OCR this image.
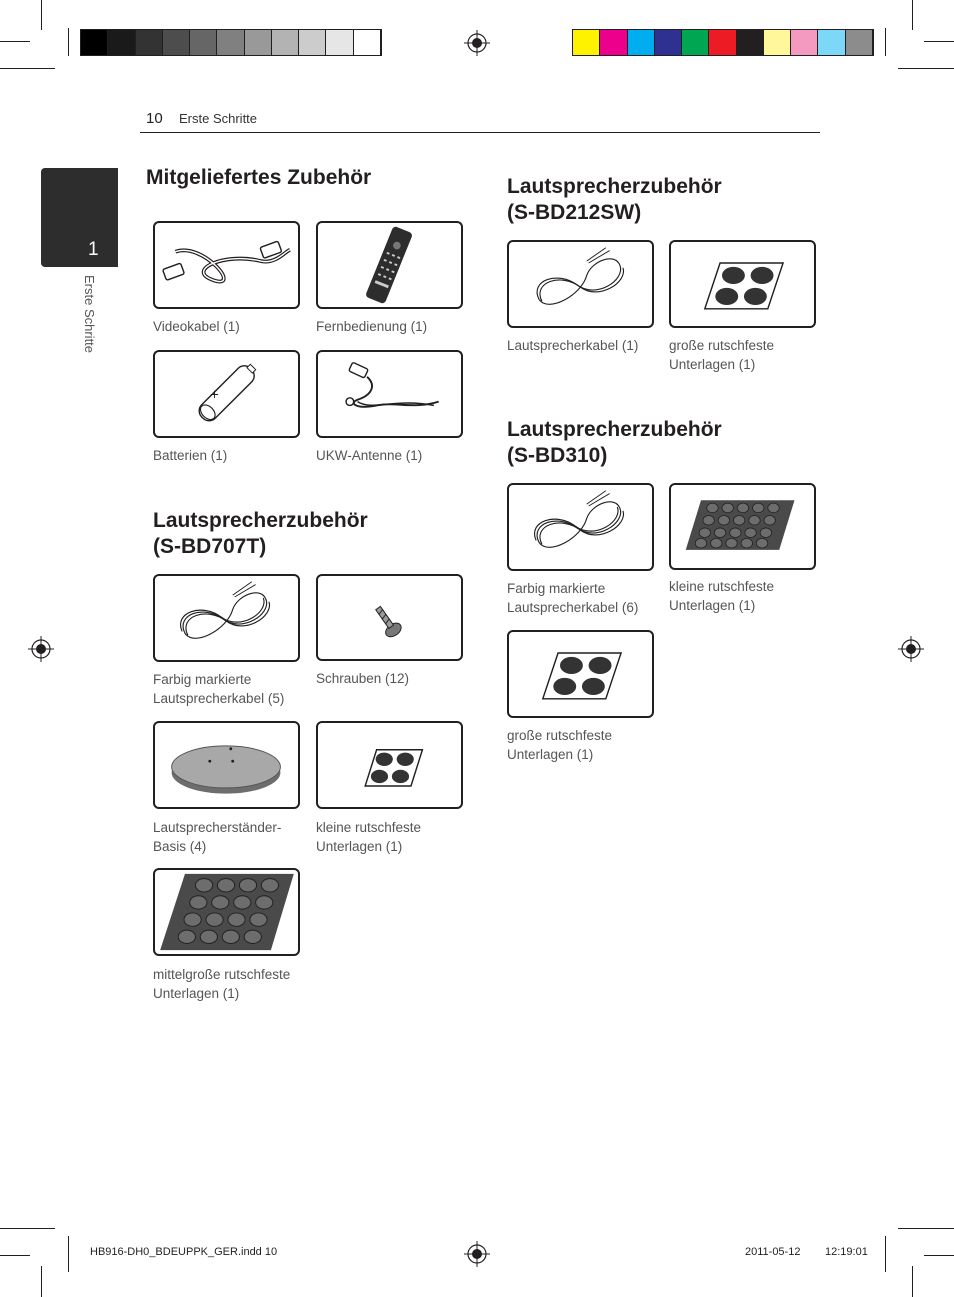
10 Erste Schritte
1
Erste Schritte
Mitgeliefertes Zubehör
Videokabel (1)	Fernbedienung (1)
+
Batterien (1)	UKW-Antenne (1)
Lautsprecherzubehör
(S-BD707T)
Farbig markierte
Lautsprecherkabel (5)
Schrauben (12)
Lautsprecherständer-
Basis (4)
kleine rutschfeste
Unterlagen (1)
mittelgroße rutschfeste
Unterlagen (1)
Lautsprecherzubehör
(S-BD212SW)
Lautsprecherkabel (1)	große rutschfeste
Unterlagen (1)
Lautsprecherzubehör
(S-BD310)
Farbig markierte
Lautsprecherkabel (6)
kleine rutschfeste
Unterlagen (1)
große rutschfeste
Unterlagen (1)
HB916-DH0_BDEUPPK_GER.indd 10	2011-05-12 12:19:01
